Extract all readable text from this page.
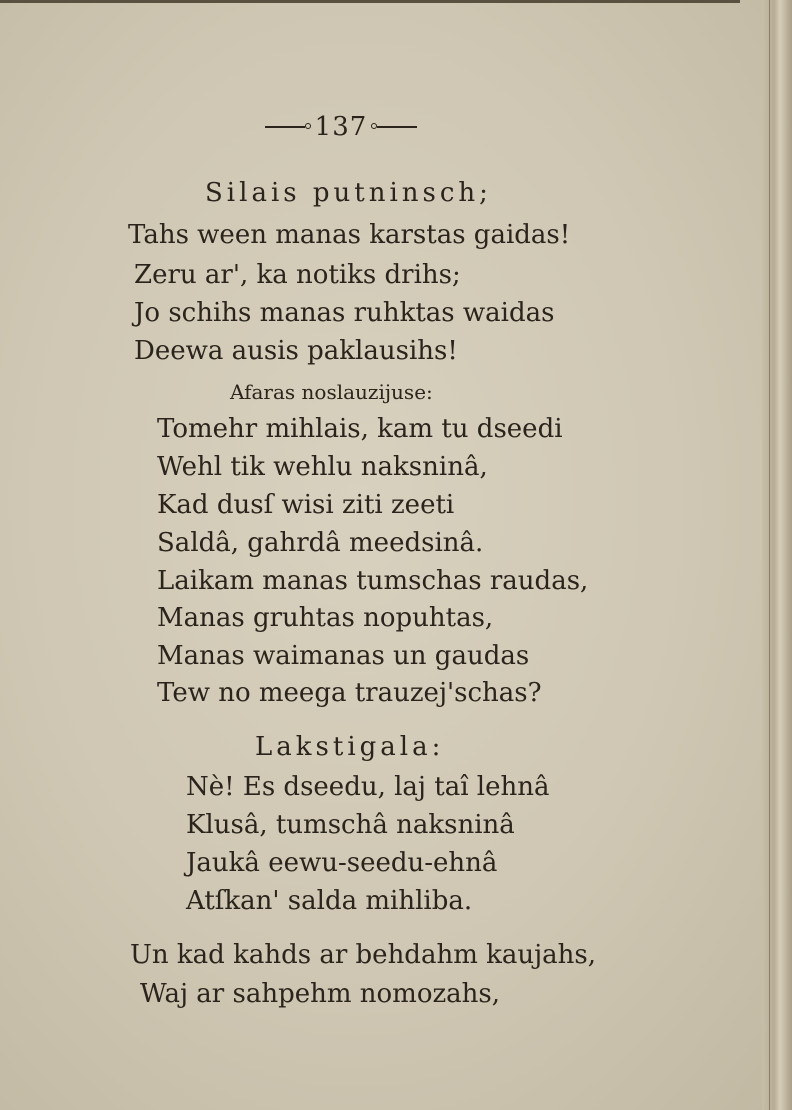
137
Silais putninsch;
Tahs ween manas karstas gaidas!
Zeru ar', ka notiks drihs;
Jo schihs manas ruhktas waidas
Deewa ausis paklausihs!
Afaras noslauzijuse:
Tomehr mihlais, kam tu dseedi
Wehl tik wehlu naksninâ,
Kad dusſ wisi ziti zeeti
Saldâ, gahrdâ meedsinâ.
Laikam manas tumschas raudas,
Manas gruhtas nopuhtas,
Manas waimanas un gaudas
Tew no meega trauzej'schas?
Lakstigala:
Nè! Es dseedu, laj taî lehnâ
Klusâ, tumschâ naksninâ
Jaukâ eewu-seedu-ehnâ
Atſkan' salda mihliba.
Un kad kahds ar behdahm kaujahs,
Waj ar sahpehm nomozahs,
